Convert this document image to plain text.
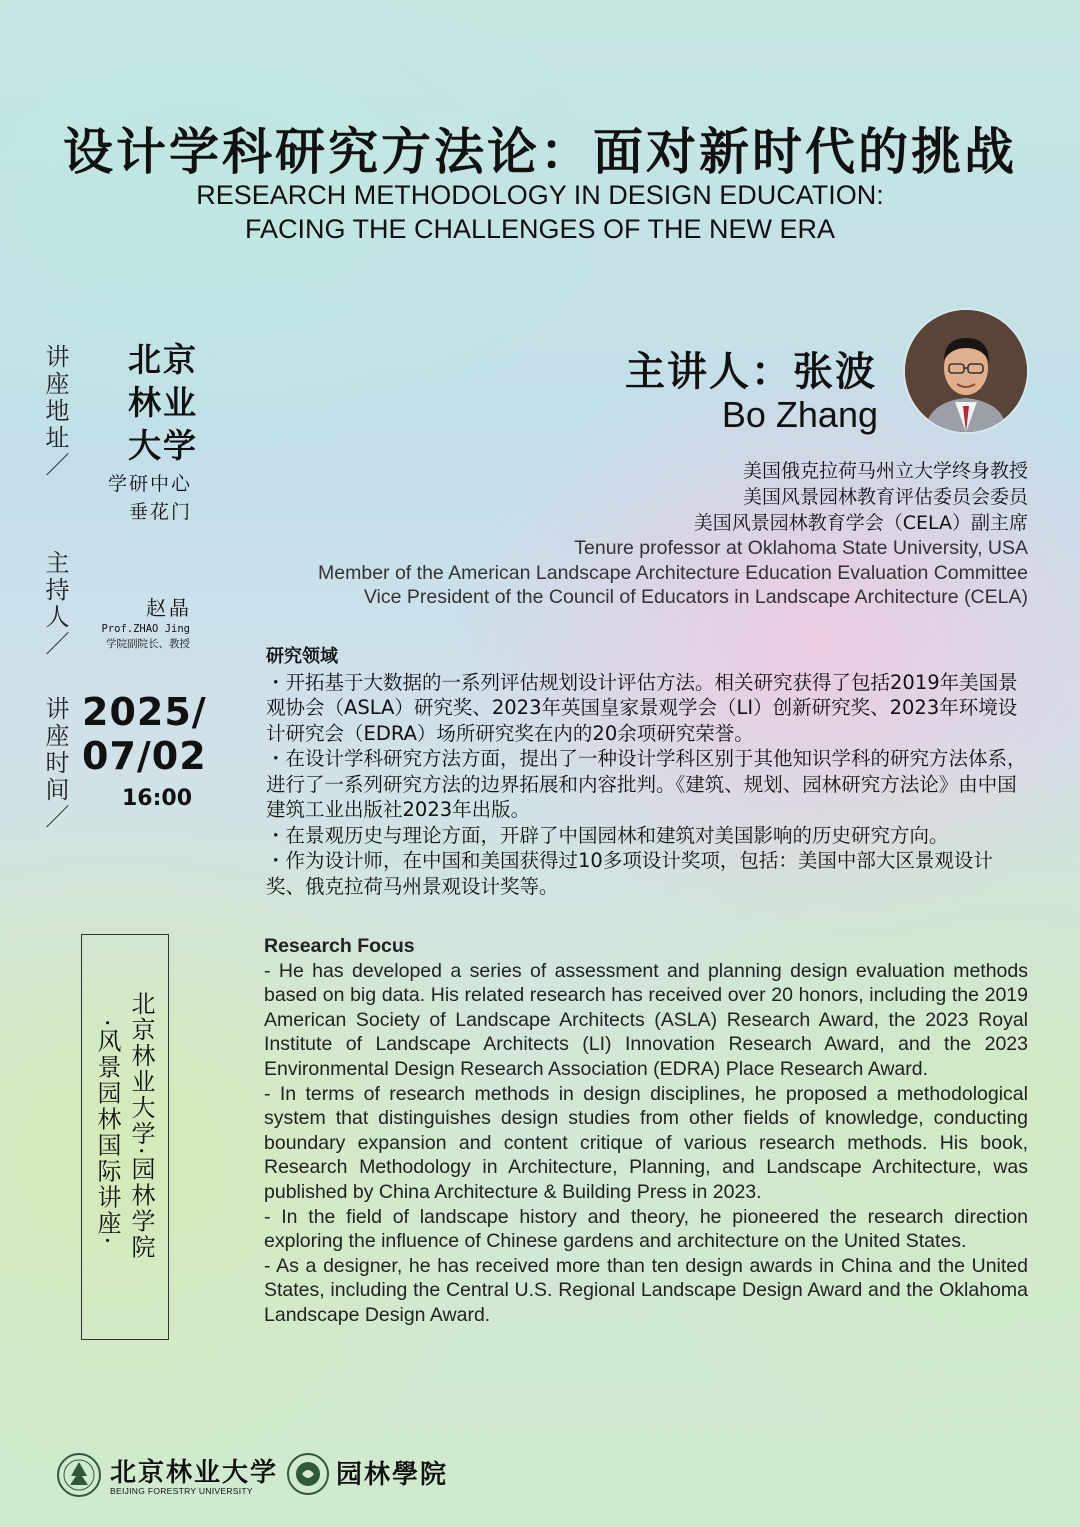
设计学科研究方法论：面对新时代的挑战
RESEARCH METHODOLOGY IN DESIGN EDUCATION:
FACING THE CHALLENGES OF THE NEW ERA
讲座地址／ 北京林业大学
学研中心
垂花门
主持人／	赵晶
Prof.ZHAO Jing
学院副院长、教授
讲座时间／ 2025/
07/02
16:00
主讲人：张波
Bo Zhang
美国俄克拉荷马州立大学终身教授
美国风景园林教育评估委员会委员
美国风景园林教育学会（CELA）副主席
Tenure professor at Oklahoma State University, USA
Member of the American Landscape Architecture Education Evaluation Committee
Vice President of the Council of Educators in Landscape Architecture (CELA)
研究领域
・开拓基于大数据的一系列评估规划设计评估方法。相关研究获得了包括2019年美国景观协会（ASLA）研究奖、2023年英国皇家景观学会（LI）创新研究奖、2023年环境设计研究会（EDRA）场所研究奖在内的20余项研究荣誉。
・在设计学科研究方法方面，提出了一种设计学科区别于其他知识学科的研究方法体系，进行了一系列研究方法的边界拓展和内容批判。《建筑、规划、园林研究方法论》由中国建筑工业出版社2023年出版。
・在景观历史与理论方面，开辟了中国园林和建筑对美国影响的历史研究方向。
・作为设计师，在中国和美国获得过10多项设计奖项，包括：美国中部大区景观设计奖、俄克拉荷马州景观设计奖等。
Research Focus
- He has developed a series of assessment and planning design evaluation methods based on big data. His related research has received over 20 honors, including the 2019 American Society of Landscape Architects (ASLA) Research Award, the 2023 Royal Institute of Landscape Architects (LI) Innovation Research Award, and the 2023 Environmental Design Research Association (EDRA) Place Research Award.
- In terms of research methods in design disciplines, he proposed a methodological system that distinguishes design studies from other fields of knowledge, conducting boundary expansion and content critique of various research methods. His book, Research Methodology in Architecture, Planning, and Landscape Architecture, was published by China Architecture & Building Press in 2023.
- In the field of landscape history and theory, he pioneered the research direction exploring the influence of Chinese gardens and architecture on the United States.
- As a designer, he has received more than ten design awards in China and the United States, including the Central U.S. Regional Landscape Design Award and the Oklahoma Landscape Design Award.
北京林业大学·园林学院
·风景园林国际讲座·
北京林业大学
BEIJING FORESTRY UNIVERSITY
园林學院
